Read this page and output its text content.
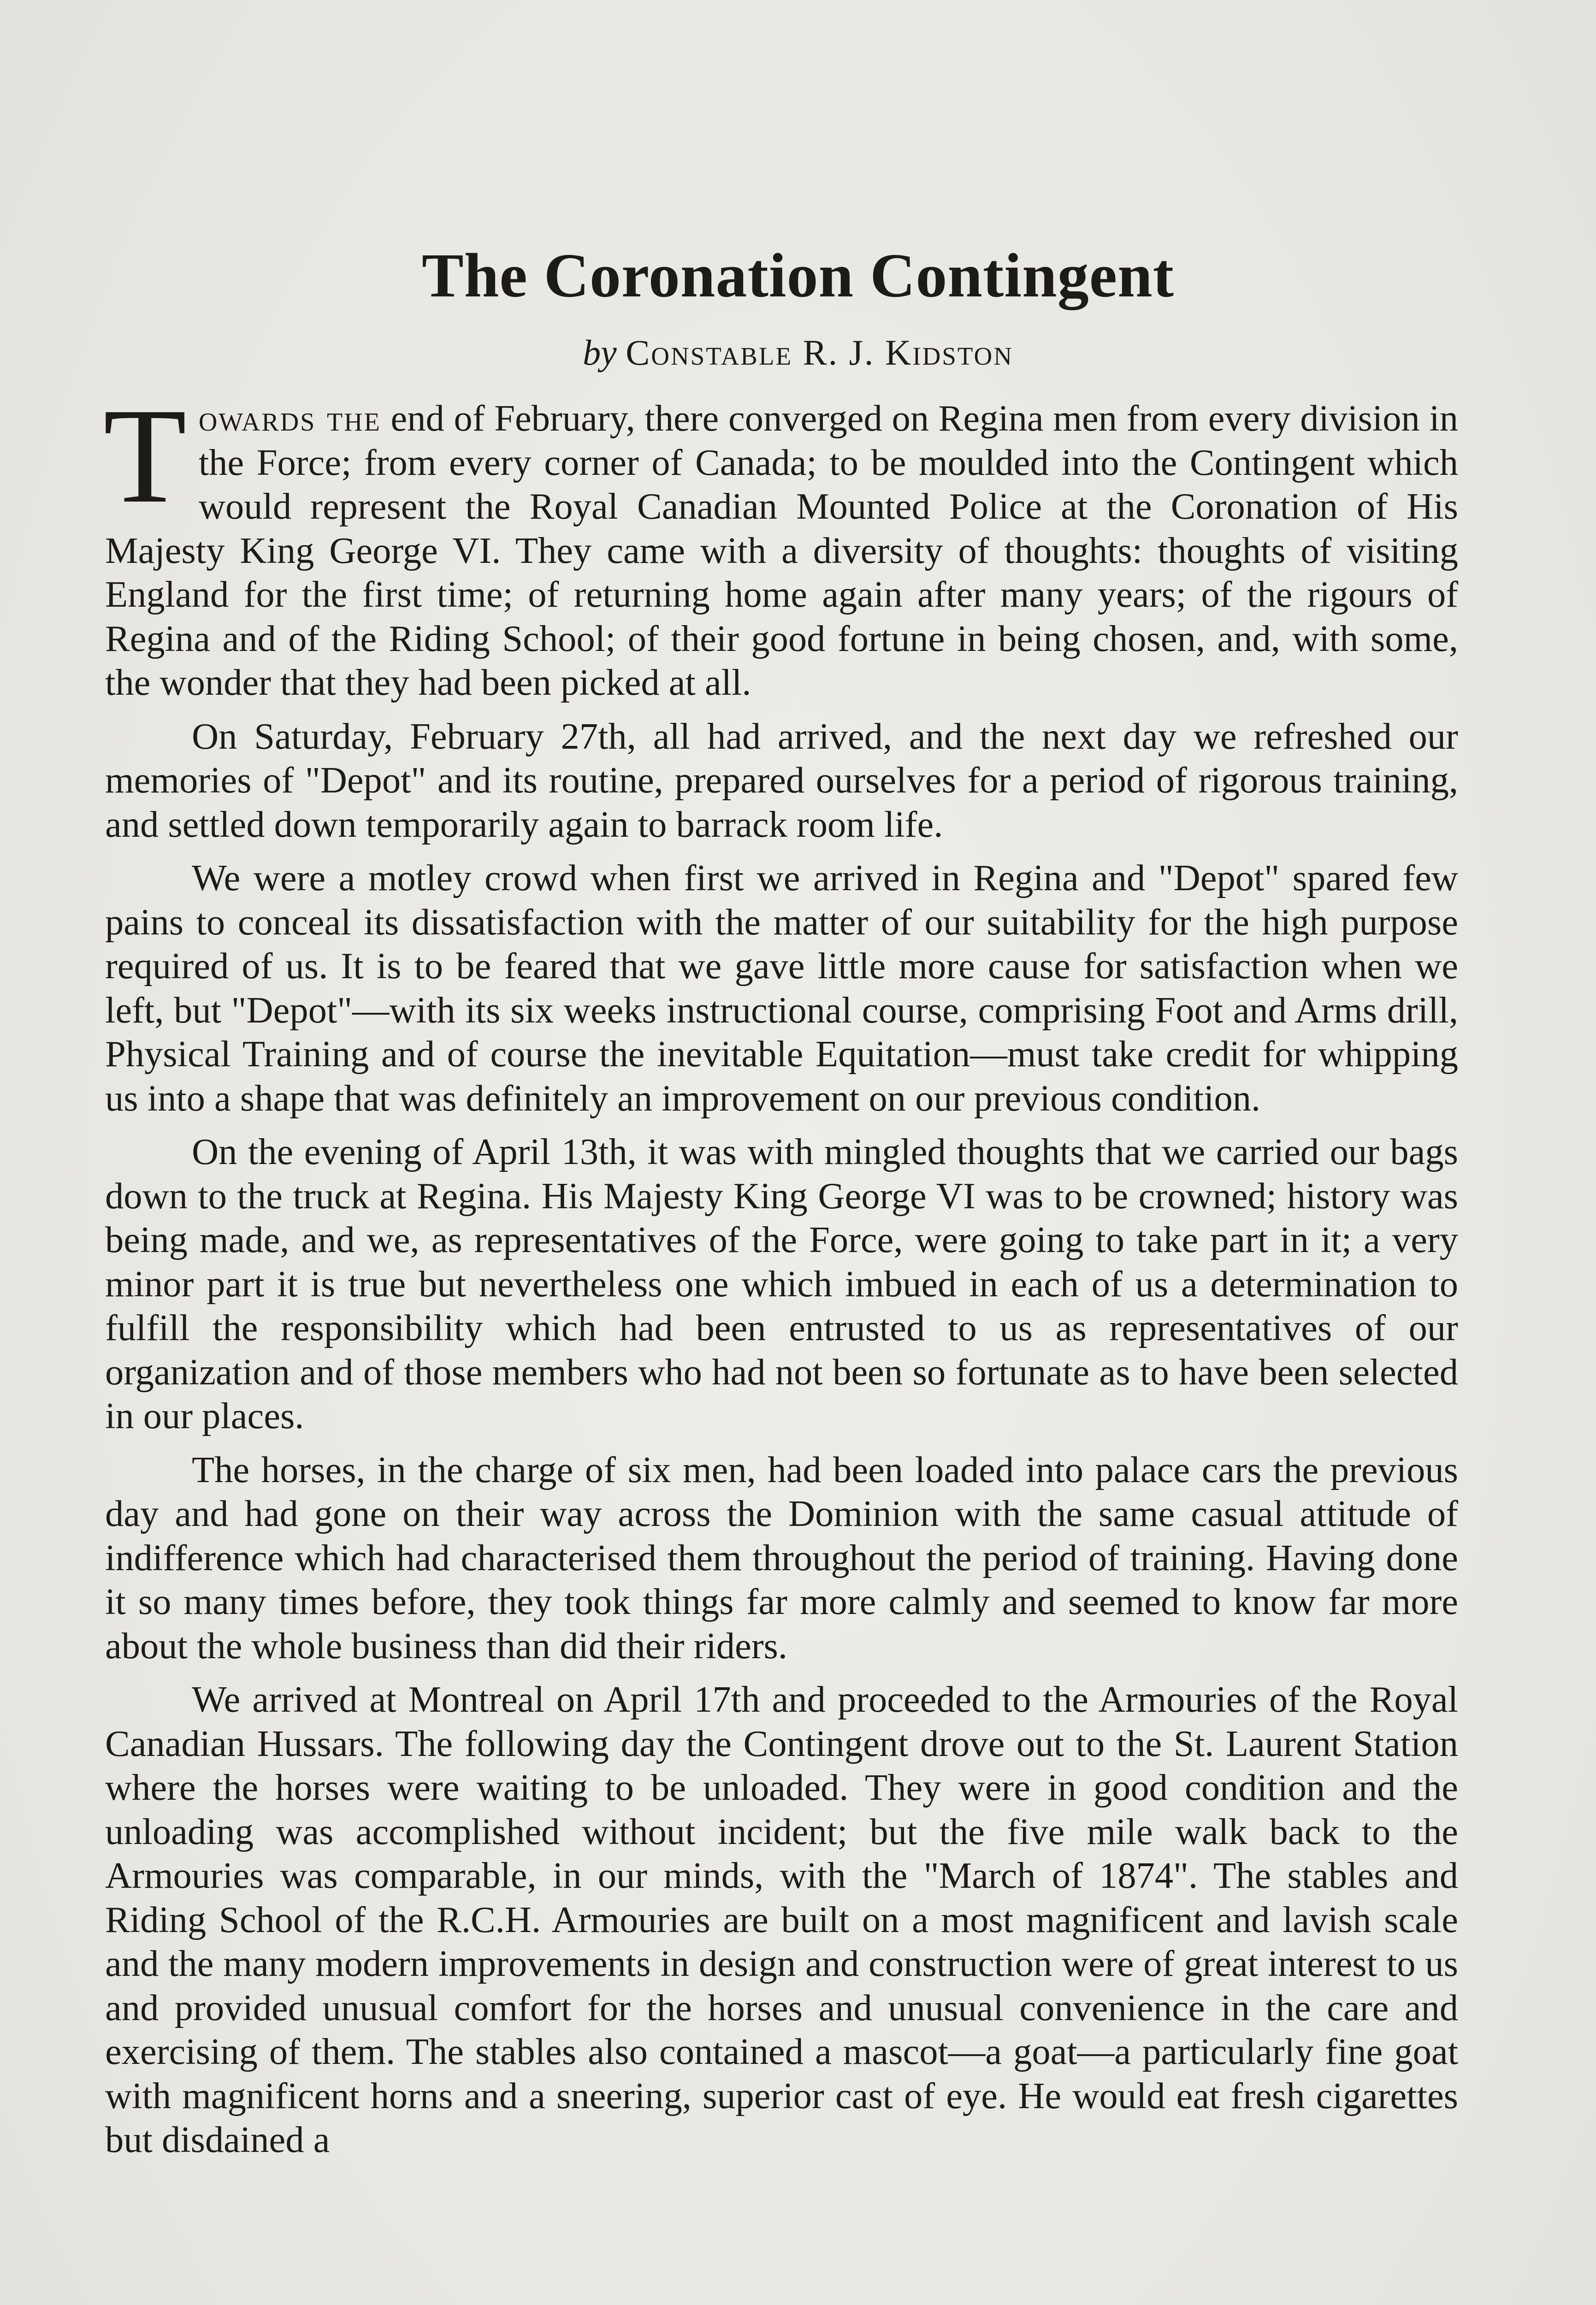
The Coronation Contingent

by Constable R. J. Kidston

Towards the end of February, there converged on Regina men from every division in the Force; from every corner of Canada; to be moulded into the Contingent which would represent the Royal Canadian Mounted Police at the Coronation of His Majesty King George VI. They came with a diversity of thoughts: thoughts of visiting England for the first time; of returning home again after many years; of the rigours of Regina and of the Riding School; of their good fortune in being chosen, and, with some, the wonder that they had been picked at all.

On Saturday, February 27th, all had arrived, and the next day we refreshed our memories of "Depot" and its routine, prepared ourselves for a period of rigorous training, and settled down temporarily again to barrack room life.

We were a motley crowd when first we arrived in Regina and "Depot" spared few pains to conceal its dissatisfaction with the matter of our suitability for the high purpose required of us. It is to be feared that we gave little more cause for satisfaction when we left, but "Depot"—with its six weeks instructional course, comprising Foot and Arms drill, Physical Training and of course the inevitable Equitation—must take credit for whipping us into a shape that was definitely an improvement on our previous condition.

On the evening of April 13th, it was with mingled thoughts that we carried our bags down to the truck at Regina. His Majesty King George VI was to be crowned; history was being made, and we, as representatives of the Force, were going to take part in it; a very minor part it is true but nevertheless one which imbued in each of us a determination to fulfill the responsibility which had been entrusted to us as representatives of our organization and of those members who had not been so fortunate as to have been selected in our places.

The horses, in the charge of six men, had been loaded into palace cars the previous day and had gone on their way across the Dominion with the same casual attitude of indifference which had characterised them throughout the period of training. Having done it so many times before, they took things far more calmly and seemed to know far more about the whole business than did their riders.

We arrived at Montreal on April 17th and proceeded to the Armouries of the Royal Canadian Hussars. The following day the Contingent drove out to the St. Laurent Station where the horses were waiting to be unloaded. They were in good condition and the unloading was accomplished without incident; but the five mile walk back to the Armouries was comparable, in our minds, with the "March of 1874". The stables and Riding School of the R.C.H. Armouries are built on a most magnificent and lavish scale and the many modern improvements in design and construction were of great interest to us and provided unusual comfort for the horses and unusual convenience in the care and exercising of them. The stables also contained a mascot—a goat—a particularly fine goat with magnificent horns and a sneering, superior cast of eye. He would eat fresh cigarettes but disdained a
